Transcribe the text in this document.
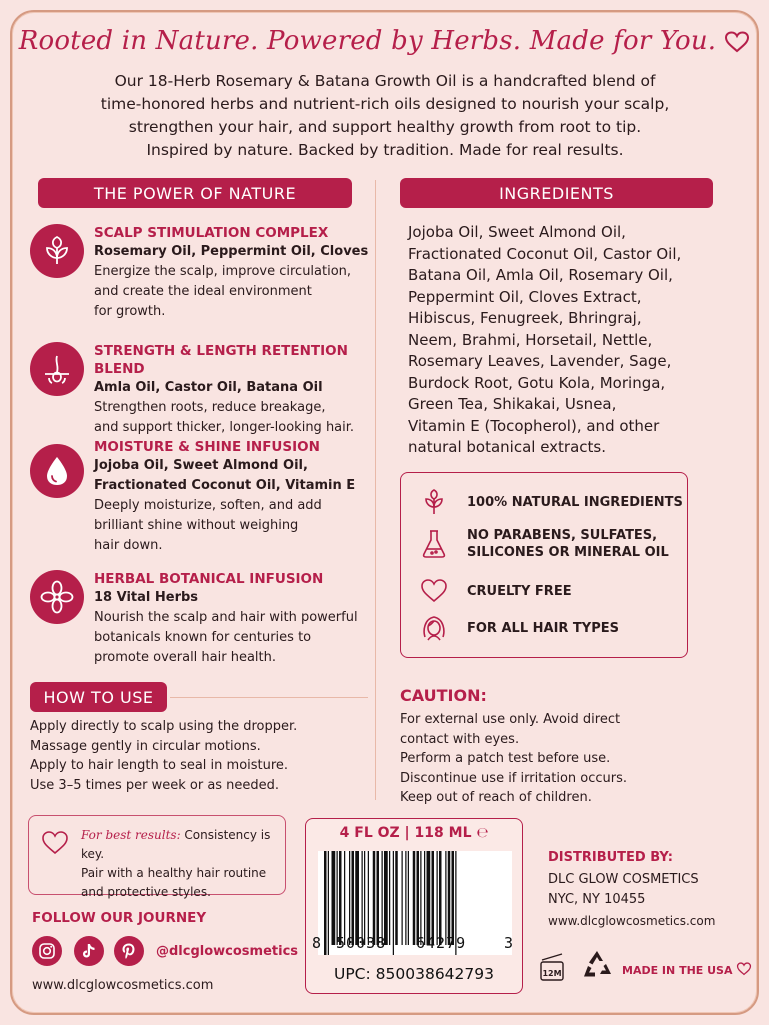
Rooted in Nature. Powered by Herbs. Made for You.

Our 18-Herb Rosemary & Batana Growth Oil is a handcrafted blend of

time-honored herbs and nutrient-rich oils designed to nourish your scalp,

strengthen your hair, and support healthy growth from root to tip.

Inspired by nature. Backed by tradition. Made for real results.

THE POWER OF NATURE
SCALP STIMULATION COMPLEX
Rosemary Oil, Peppermint Oil, Cloves
Energize the scalp, improve circulation,
and create the ideal environment
for growth.
STRENGTH & LENGTH RETENTION BLEND
Amla Oil, Castor Oil, Batana Oil
Strengthen roots, reduce breakage,
and support thicker, longer-looking hair.
MOISTURE & SHINE INFUSION
Jojoba Oil, Sweet Almond Oil,
Fractionated Coconut Oil, Vitamin E
Deeply moisturize, soften, and add
brilliant shine without weighing
hair down.
HERBAL BOTANICAL INFUSION
18 Vital Herbs
Nourish the scalp and hair with powerful
botanicals known for centuries to
promote overall hair health.
INGREDIENTS
Jojoba Oil, Sweet Almond Oil,
Fractionated Coconut Oil, Castor Oil,
Batana Oil, Amla Oil, Rosemary Oil,
Peppermint Oil, Cloves Extract,
Hibiscus, Fenugreek, Bhringraj,
Neem, Brahmi, Horsetail, Nettle,
Rosemary Leaves, Lavender, Sage,
Burdock Root, Gotu Kola, Moringa,
Green Tea, Shikakai, Usnea,
Vitamin E (Tocopherol), and other
natural botanical extracts.
100% NATURAL INGREDIENTS
NO PARABENS, SULFATES,
SILICONES OR MINERAL OIL
CRUELTY FREE
FOR ALL HAIR TYPES
HOW TO USE
Apply directly to scalp using the dropper.
Massage gently in circular motions.
Apply to hair length to seal in moisture.
Use 3–5 times per week or as needed.
CAUTION:
For external use only. Avoid direct
contact with eyes.
Perform a patch test before use.
Discontinue use if irritation occurs.
Keep out of reach of children.
For best results: Consistency is key.
Pair with a healthy hair routine
and protective styles.
FOLLOW OUR JOURNEY
@dlcglowcosmetics
www.dlcglowcosmetics.com
4 FL OZ | 118 ML ℮
UPC: 850038642793
8 50038 64279	3
DISTRIBUTED BY:
DLC GLOW COSMETICS
NYC, NY 10455
www.dlcglowcosmetics.com
12M	MADE IN THE USA
